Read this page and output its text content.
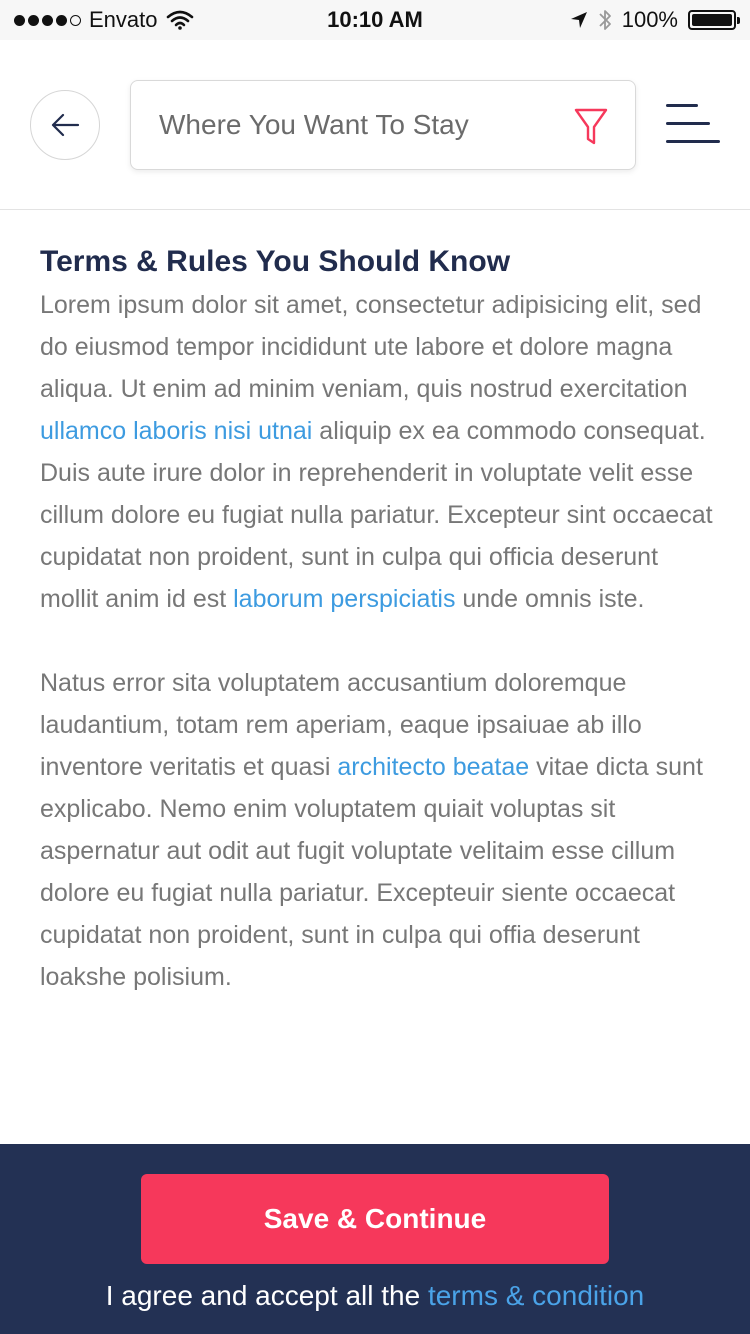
Envato	10:10 AM	100%
Where You Want To Stay
Terms & Rules You Should Know

Lorem ipsum dolor sit amet, consectetur adipisicing elit, sed do eiusmod tempor incididunt ute labore et dolore magna aliqua. Ut enim ad minim veniam, quis nostrud exercitation ullamco laboris nisi utnai aliquip ex ea commodo consequat. Duis aute irure dolor in reprehenderit in voluptate velit esse cillum dolore eu fugiat nulla pariatur. Excepteur sint occaecat cupidatat non proident, sunt in culpa qui officia deserunt mollit anim id est laborum perspiciatis unde omnis iste.

Natus error sita voluptatem accusantium doloremque laudantium, totam rem aperiam, eaque ipsaiuae ab illo inventore veritatis et quasi architecto beatae vitae dicta sunt explicabo. Nemo enim voluptatem quiait voluptas sit aspernatur aut odit aut fugit voluptate velitaim esse cillum dolore eu fugiat nulla pariatur. Excepteuir siente occaecat cupidatat non proident, sunt in culpa qui offia deserunt loakshe polisium.

Save & Continue
I agree and accept all the terms & condition
